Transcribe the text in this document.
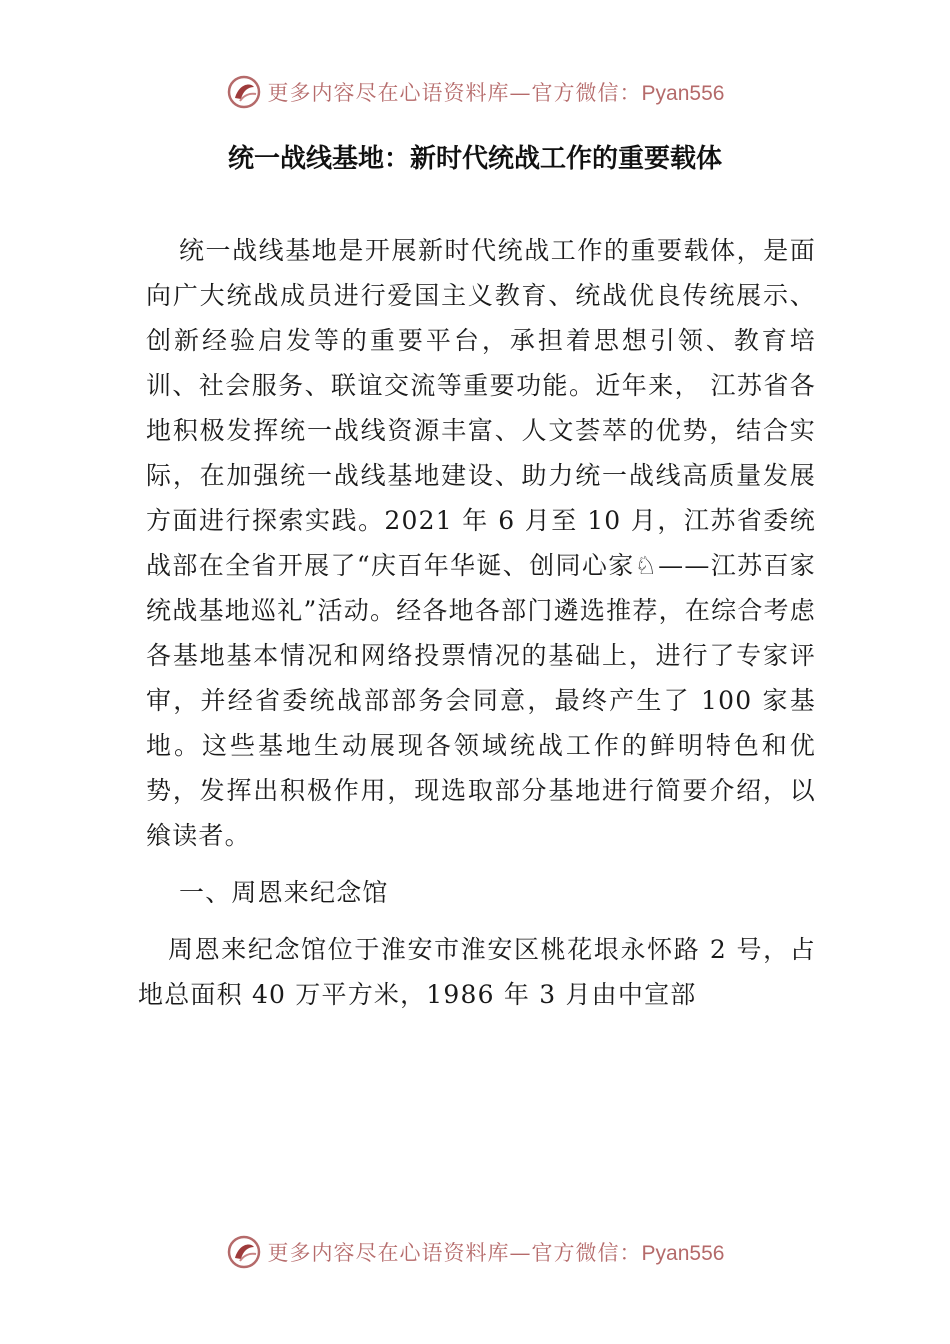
更多内容尽在心语资料库—官方微信：Pyan556
统一战线基地：新时代统战工作的重要载体

统一战线基地是开展新时代统战工作的重要载体，是面向广大统战成员进行爱国主义教育、统战优良传统展示、创新经验启发等的重要平台，承担着思想引领、教育培训、社会服务、联谊交流等重要功能。近年来， 江苏省各地积极发挥统一战线资源丰富、人文荟萃的优势，结合实际，在加强统一战线基地建设、助力统一战线高质量发展方面进行探索实践。2021 年 6 月至 10 月，江苏省委统战部在全省开展了“庆百年华诞、创同心家♘——江苏百家统战基地巡礼”活动。经各地各部门遴选推荐，在综合考虑各基地基本情况和网络投票情况的基础上，进行了专家评审，并经省委统战部部务会同意，最终产生了 100 家基地。这些基地生动展现各领域统战工作的鲜明特色和优势，发挥出积极作用，现选取部分基地进行简要介绍，以飨读者。

一、周恩来纪念馆

周恩来纪念馆位于淮安市淮安区桃花垠永怀路 2 号，占地总面积 40 万平方米，1986 年 3 月由中宣部

更多内容尽在心语资料库—官方微信：Pyan556
